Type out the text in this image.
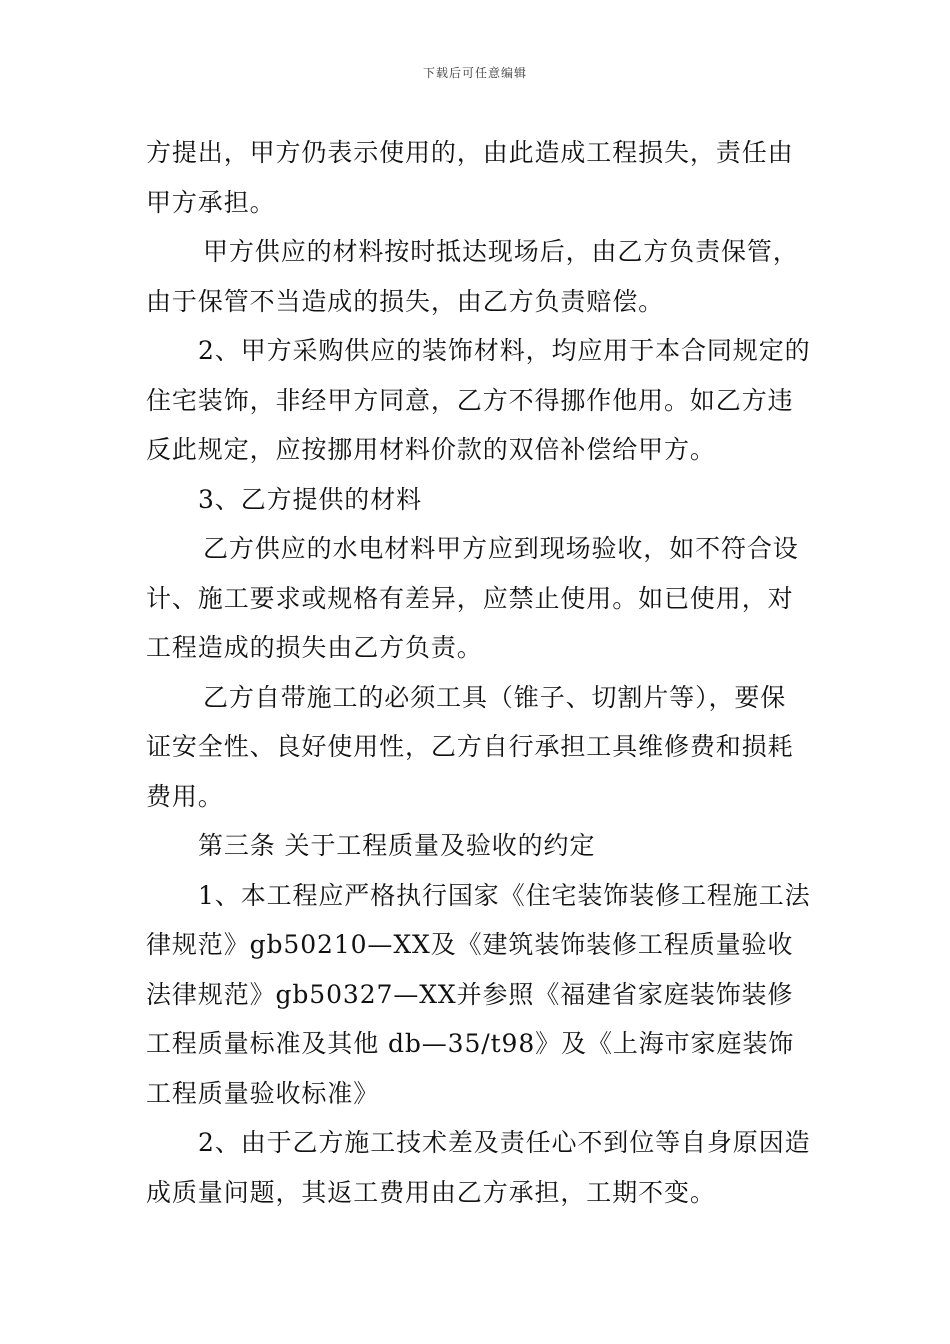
下载后可任意编辑

方提出，甲方仍表示使用的，由此造成工程损失，责任由甲方承担。

甲方供应的材料按时抵达现场后，由乙方负责保管，由于保管不当造成的损失，由乙方负责赔偿。

2、甲方采购供应的装饰材料，均应用于本合同规定的住宅装饰，非经甲方同意，乙方不得挪作他用。如乙方违反此规定，应按挪用材料价款的双倍补偿给甲方。

3、乙方提供的材料

乙方供应的水电材料甲方应到现场验收，如不符合设计、施工要求或规格有差异，应禁止使用。如已使用，对工程造成的损失由乙方负责。

乙方自带施工的必须工具（锥子、切割片等），要保证安全性、良好使用性，乙方自行承担工具维修费和损耗费用。

第三条 关于工程质量及验收的约定

1、本工程应严格执行国家《住宅装饰装修工程施工法律规范》gb50210—XX及《建筑装饰装修工程质量验收法律规范》gb50327—XX并参照《福建省家庭装饰装修工程质量标准及其他 db—35/t98》及《上海市家庭装饰工程质量验收标准》

2、由于乙方施工技术差及责任心不到位等自身原因造成质量问题，其返工费用由乙方承担，工期不变。
